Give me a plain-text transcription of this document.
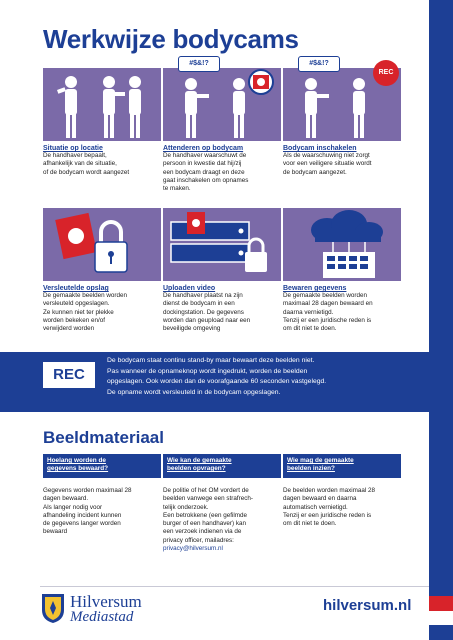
Werkwijze bodycams
Situatie op locatie
De handhaver bepaalt,
afhankelijk van de situatie,
of de bodycam wordt aangezet
Attenderen op bodycam
De handhaver waarschuwt de
persoon in kwestie dat hij/zij
een bodycam draagt en deze
gaat inschakelen om opnames
te maken.
#$&!?
Bodycam inschakelen
Als de waarschuwing niet zorgt
voor een veiligere situatie wordt
de bodycam aangezet.
#$&!?
REC
Versleutelde opslag
De gemaakte beelden worden
versleuteld opgeslagen.
Ze kunnen niet ter plekke
worden bekeken en/of
verwijderd worden
Uploaden video
De handhaver plaatst na zijn
dienst de bodycam in een
dockingstation. De gegevens
worden dan geupload naar een
beveiligde omgeving
Bewaren gegevens
De gemaakte beelden worden
maximaal 28 dagen bewaard en
daarna vernietigd.
Tenzij er een juridische reden is
om dit niet te doen.
REC
De bodycam staat continu stand-by maar bewaart deze beelden niet.
Pas wanneer de opnameknop wordt ingedrukt, worden de beelden
opgeslagen. Ook worden dan de voorafgaande 60 seconden vastgelegd.
De opname wordt versleuteld in de bodycam opgeslagen.
Beeldmateriaal
Hoelang worden de
gegevens bewaard?
Gegevens worden maximaal 28
dagen bewaard.
Als langer nodig voor
afhandeling incident kunnen
de gegevens langer worden
bewaard
Wie kan de gemaakte
beelden opvragen?
De politie of het OM vordert de
beelden vanwege een strafrech-
telijk onderzoek.
Een betrokkene (een gefilmde
burger of een handhaver) kan
een verzoek indienen via de
privacy officer, mailadres:
privacy@hilversum.nl
Wie mag de gemaakte
beelden inzien?
De beelden worden maximaal 28
dagen bewaard en daarna
automatisch vernietigd.
Tenzij er een juridische reden is
om dit niet te doen.
Hilversum
Mediastad
hilversum.nl
